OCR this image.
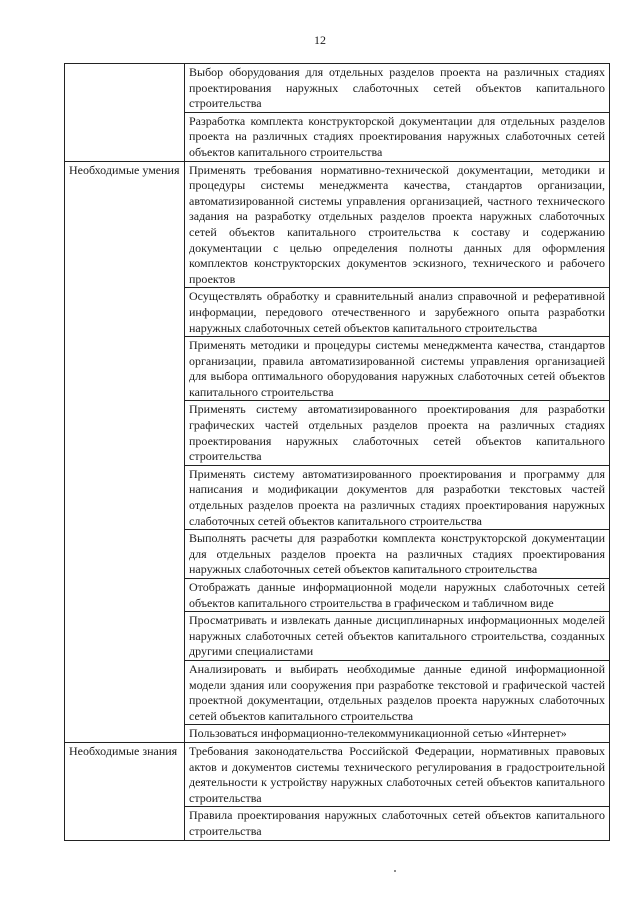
12

	Выбор оборудования для отдельных разделов проекта на различных стадиях проектирования наружных слаботочных сетей объектов капитального строительства

	Разработка комплекта конструкторской документации для отдельных разделов проекта на различных стадиях проектирования наружных слаботочных сетей объектов капитального строительства

Необходимые умения	Применять требования нормативно-технической документации, методики и процедуры системы менеджмента качества, стандартов организации, автоматизированной системы управления организацией, частного технического задания на разработку отдельных разделов проекта наружных слаботочных сетей объектов капитального строительства к составу и содержанию документации с целью определения полноты данных для оформления комплектов конструкторских документов эскизного, технического и рабочего проектов

	Осуществлять обработку и сравнительный анализ справочной и реферативной информации, передового отечественного и зарубежного опыта разработки наружных слаботочных сетей объектов капитального строительства

	Применять методики и процедуры системы менеджмента качества, стандартов организации, правила автоматизированной системы управления организацией для выбора оптимального оборудования наружных слаботочных сетей объектов капитального строительства

	Применять систему автоматизированного проектирования для разработки графических частей отдельных разделов проекта на различных стадиях проектирования наружных слаботочных сетей объектов капитального строительства

	Применять систему автоматизированного проектирования и программу для написания и модификации документов для разработки текстовых частей отдельных разделов проекта на различных стадиях проектирования наружных слаботочных сетей объектов капитального строительства

	Выполнять расчеты для разработки комплекта конструкторской документации для отдельных разделов проекта на различных стадиях проектирования наружных слаботочных сетей объектов капитального строительства

	Отображать данные информационной модели наружных слаботочных сетей объектов капитального строительства в графическом и табличном виде

	Просматривать и извлекать данные дисциплинарных информационных моделей наружных слаботочных сетей объектов капитального строительства, созданных другими специалистами

	Анализировать и выбирать необходимые данные единой информационной модели здания или сооружения при разработке текстовой и графической частей проектной документации, отдельных разделов проекта наружных слаботочных сетей объектов капитального строительства

	Пользоваться информационно-телекоммуникационной сетью «Интернет»

Необходимые знания	Требования законодательства Российской Федерации, нормативных правовых актов и документов системы технического регулирования в градостроительной деятельности к устройству наружных слаботочных сетей объектов капитального строительства

	Правила проектирования наружных слаботочных сетей объектов капитального строительства
